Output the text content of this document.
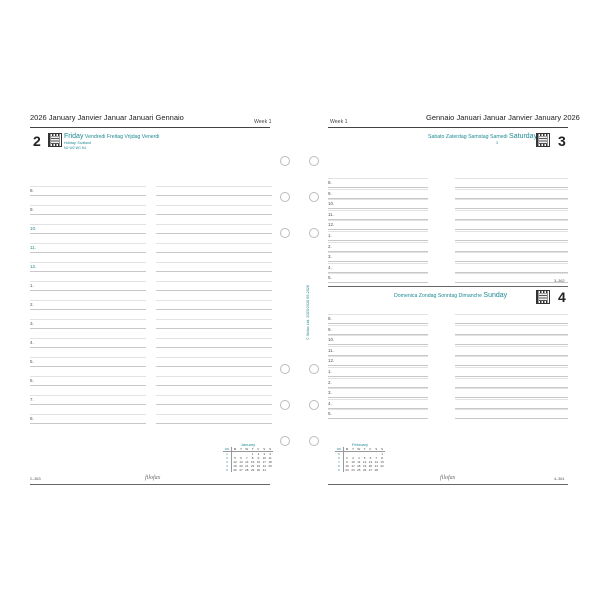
2026 January Janvier Januar Januari Gennaio	Week 1
2	Friday Vendredi Freitag Vrijdag Venerdi
Holiday, Scotland
N2 W2 W1 N1
8.
9.
10.
11.
12.
1.
2.
3.
4.
5.
6.
7.
8.
January
Wk	M	T	W	T	F	S	S
1				1	2	3	4
2	5	6	7	8	9	10	11
3	12	13	14	15	16	17	18
4	19	20	21	22	23	24	25
5	26	27	28	29	30	31	
2–363	filofax
© filofax Ltd. 2025/2026 69-2026
Week 1	Gennaio Januari Januar Janvier January 2026
Sabato Zaterdag Samstag Samedi Saturday
3	3
8.
9.
10.
11.
12.
1.
2.
3.
4.
5.
3–362
Domenica Zondag Sonntag Dimanche Sunday	4
8.
9.
10.
11.
12.
1.
2.
3.
4.
5.
February
Wk	M	T	W	T	F	S	S
5							1
6	2	3	4	5	6	7	8
7	9	10	11	12	13	14	15
8	16	17	18	19	20	21	22
9	23	24	25	26	27	28	
filofax	4–361
